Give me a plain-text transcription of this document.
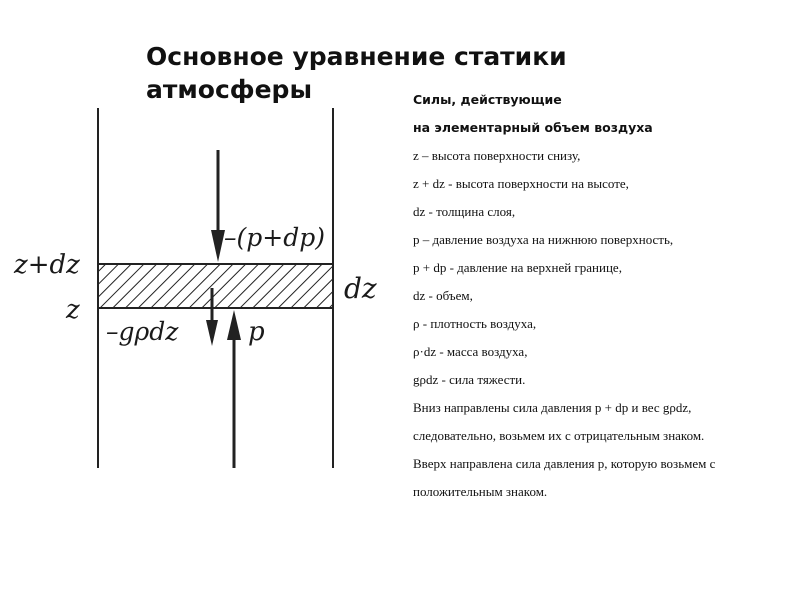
Основное уравнение статики
атмосферы
z+dz
z
dz
–(p+dp)
–gρdz	p
Силы, действующие
на элементарный объем воздуха
z – высота поверхности снизу,
z + dz - высота поверхности на высоте,
dz - толщина слоя,
p – давление воздуха на нижнюю поверхность,
p + dp - давление на верхней границе,
dz - объем,
ρ - плотность воздуха,
ρ·dz - масса воздуха,
gρdz - сила тяжести.
Вниз направлены сила давления p + dp и вес gρdz,
следовательно, возьмем их с отрицательным знаком.
Вверх направлена сила давления p, которую возьмем с
положительным знаком.
